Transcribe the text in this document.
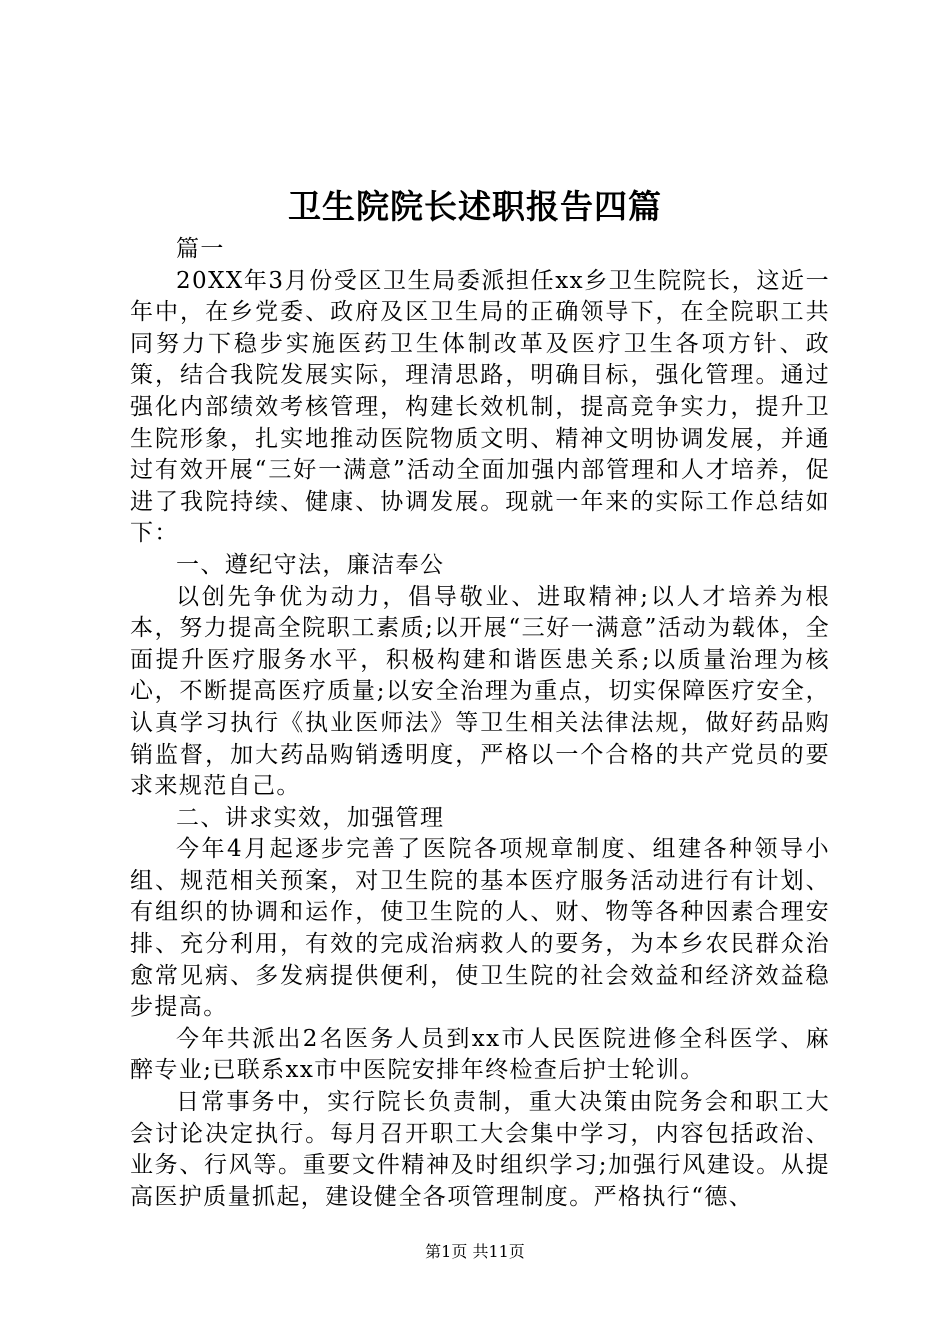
卫生院院长述职报告四篇

篇一

20XX年3月份受区卫生局委派担任xx乡卫生院院长，这近一年中，在乡党委、政府及区卫生局的正确领导下，在全院职工共同努力下稳步实施医药卫生体制改革及医疗卫生各项方针、政策，结合我院发展实际，理清思路，明确目标，强化管理。通过强化内部绩效考核管理，构建长效机制，提高竞争实力，提升卫生院形象，扎实地推动医院物质文明、精神文明协调发展，并通过有效开展“三好一满意”活动全面加强内部管理和人才培养，促进了我院持续、健康、协调发展。现就一年来的实际工作总结如下：

一、遵纪守法，廉洁奉公

以创先争优为动力，倡导敬业、进取精神;以人才培养为根本，努力提高全院职工素质;以开展“三好一满意”活动为载体，全面提升医疗服务水平，积极构建和谐医患关系;以质量治理为核心，不断提高医疗质量;以安全治理为重点，切实保障医疗安全，认真学习执行《执业医师法》等卫生相关法律法规，做好药品购销监督，加大药品购销透明度，严格以一个合格的共产党员的要求来规范自己。

二、讲求实效，加强管理

今年4月起逐步完善了医院各项规章制度、组建各种领导小组、规范相关预案，对卫生院的基本医疗服务活动进行有计划、有组织的协调和运作，使卫生院的人、财、物等各种因素合理安排、充分利用，有效的完成治病救人的要务，为本乡农民群众治愈常见病、多发病提供便利，使卫生院的社会效益和经济效益稳步提高。

今年共派出2名医务人员到xx市人民医院进修全科医学、麻醉专业;已联系xx市中医院安排年终检查后护士轮训。

日常事务中，实行院长负责制，重大决策由院务会和职工大会讨论决定执行。每月召开职工大会集中学习，内容包括政治、业务、行风等。重要文件精神及时组织学习;加强行风建设。从提高医护质量抓起，建设健全各项管理制度。严格执行“德、

第1页 共11页
